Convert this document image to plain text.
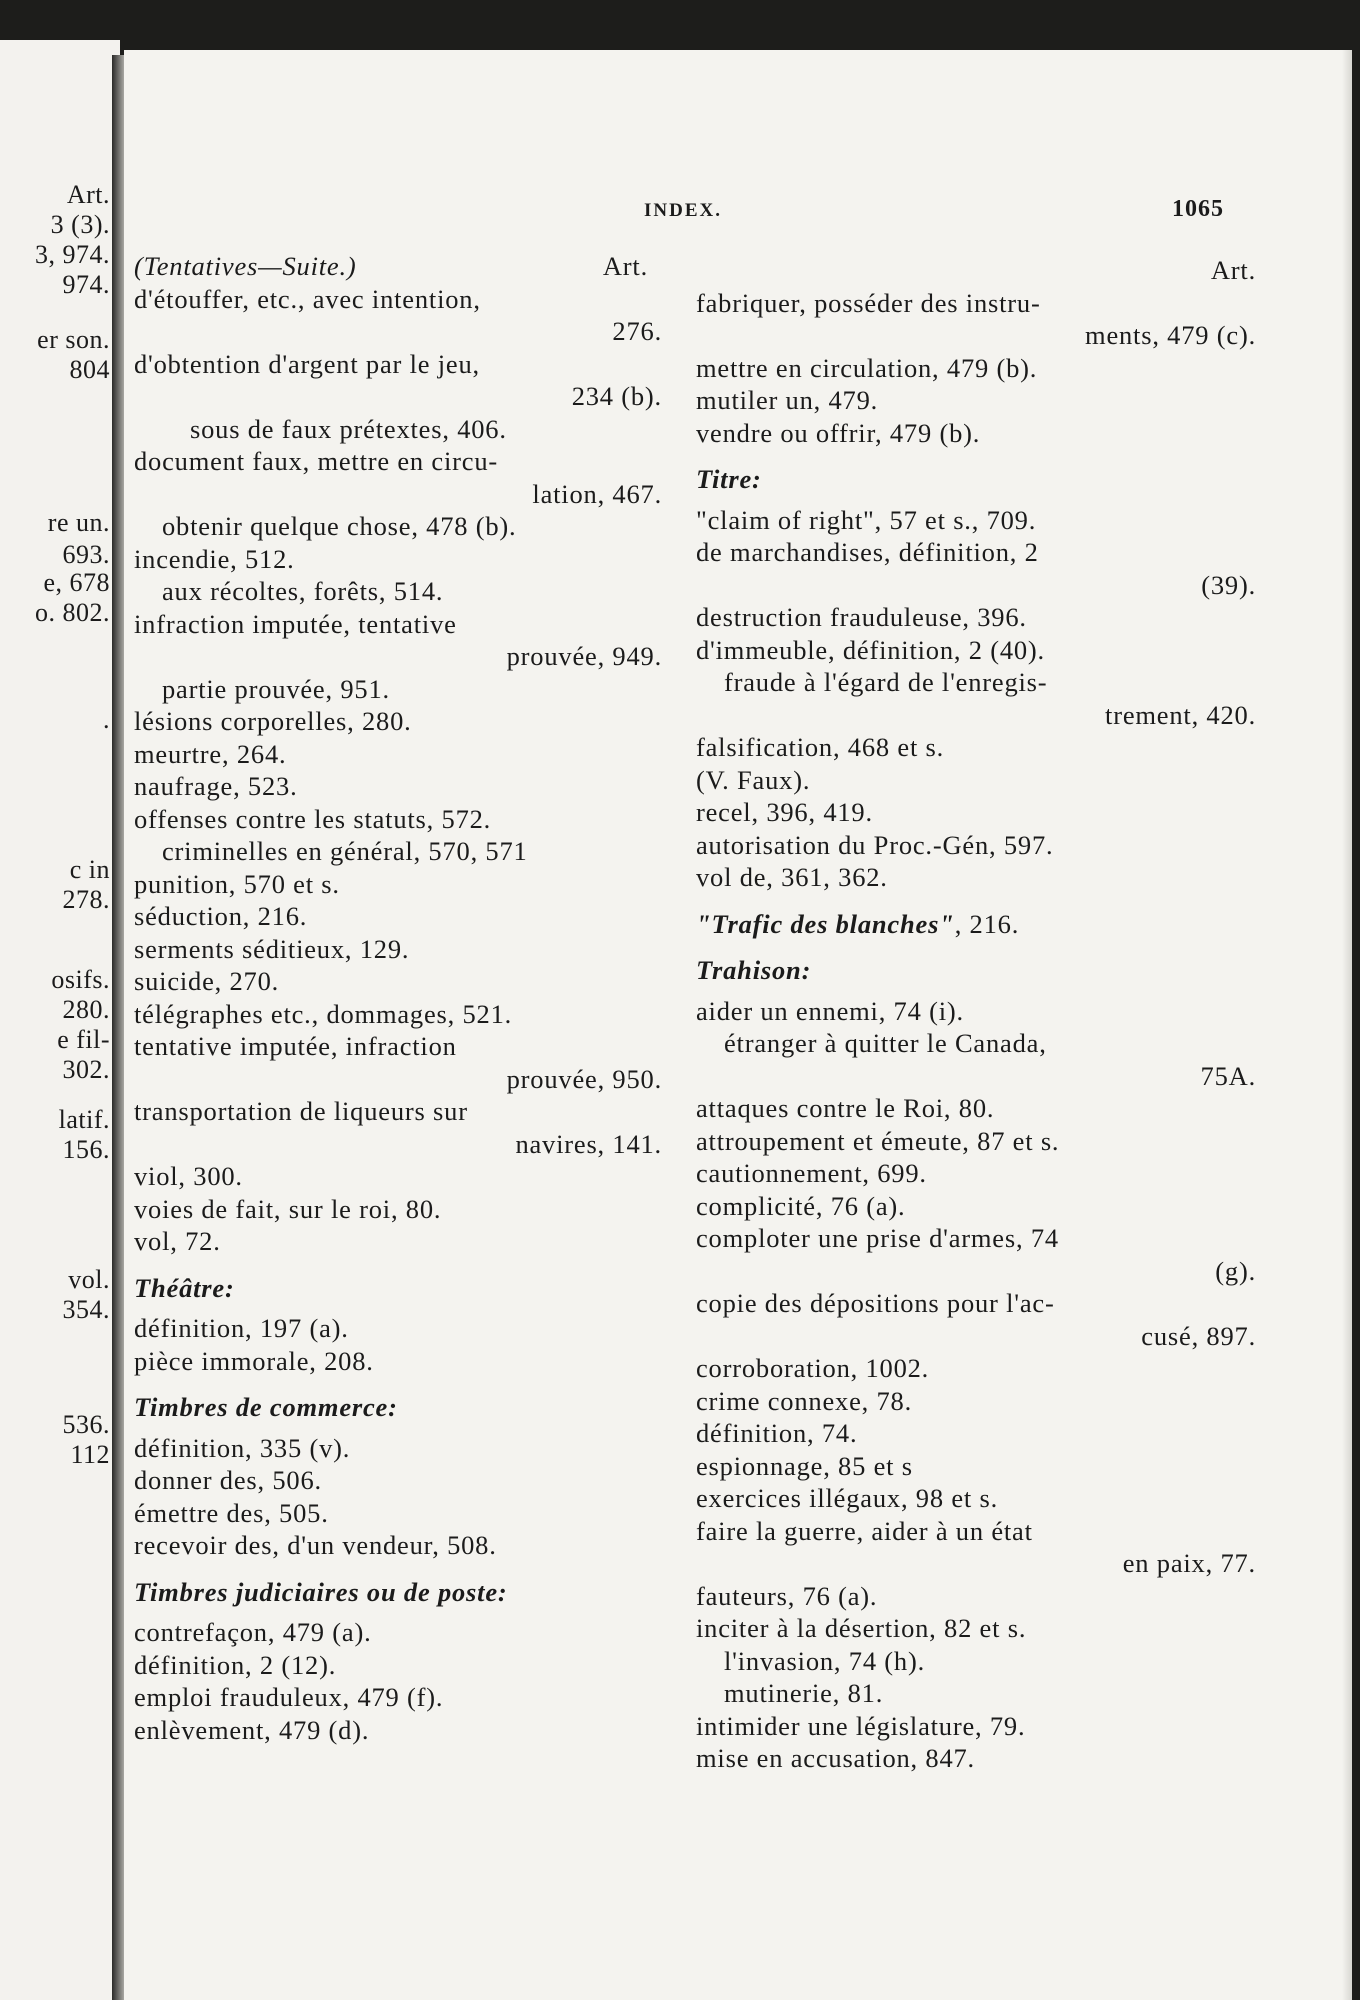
Art.
3 (3).
3, 974.
974.
er son.
804
re un.
693.
e, 678
o. 802.
.
c in
278.
osifs.
280.
e fil-
302.
latif.
156.
vol.
354.
536.
112
INDEX.	1065
(Tentatives—Suite.)	Art.
d'étouffer, etc., avec intention,
276.
d'obtention d'argent par le jeu,
234 (b).
sous de faux prétextes, 406.
document faux, mettre en circu-
lation, 467.
obtenir quelque chose, 478 (b).
incendie, 512.
aux récoltes, forêts, 514.
infraction imputée, tentative
prouvée, 949.
partie prouvée, 951.
lésions corporelles, 280.
meurtre, 264.
naufrage, 523.
offenses contre les statuts, 572.
criminelles en général, 570, 571
punition, 570 et s.
séduction, 216.
serments séditieux, 129.
suicide, 270.
télégraphes etc., dommages, 521.
tentative imputée, infraction
prouvée, 950.
transportation de liqueurs sur
navires, 141.
viol, 300.
voies de fait, sur le roi, 80.
vol, 72.
Théâtre:
définition, 197 (a).
pièce immorale, 208.
Timbres de commerce:
définition, 335 (v).
donner des, 506.
émettre des, 505.
recevoir des, d'un vendeur, 508.
Timbres judiciaires ou de poste:
contrefaçon, 479 (a).
définition, 2 (12).
emploi frauduleux, 479 (f).
enlèvement, 479 (d).
Art.
fabriquer, posséder des instru-
ments, 479 (c).
mettre en circulation, 479 (b).
mutiler un, 479.
vendre ou offrir, 479 (b).
Titre:
"claim of right", 57 et s., 709.
de marchandises, définition, 2
(39).
destruction frauduleuse, 396.
d'immeuble, définition, 2 (40).
fraude à l'égard de l'enregis-
trement, 420.
falsification, 468 et s.
(V. Faux).
recel, 396, 419.
autorisation du Proc.-Gén, 597.
vol de, 361, 362.
"Trafic des blanches", 216.
Trahison:
aider un ennemi, 74 (i).
étranger à quitter le Canada,
75A.
attaques contre le Roi, 80.
attroupement et émeute, 87 et s.
cautionnement, 699.
complicité, 76 (a).
comploter une prise d'armes, 74
(g).
copie des dépositions pour l'ac-
cusé, 897.
corroboration, 1002.
crime connexe, 78.
définition, 74.
espionnage, 85 et s
exercices illégaux, 98 et s.
faire la guerre, aider à un état
en paix, 77.
fauteurs, 76 (a).
inciter à la désertion, 82 et s.
l'invasion, 74 (h).
mutinerie, 81.
intimider une législature, 79.
mise en accusation, 847.
